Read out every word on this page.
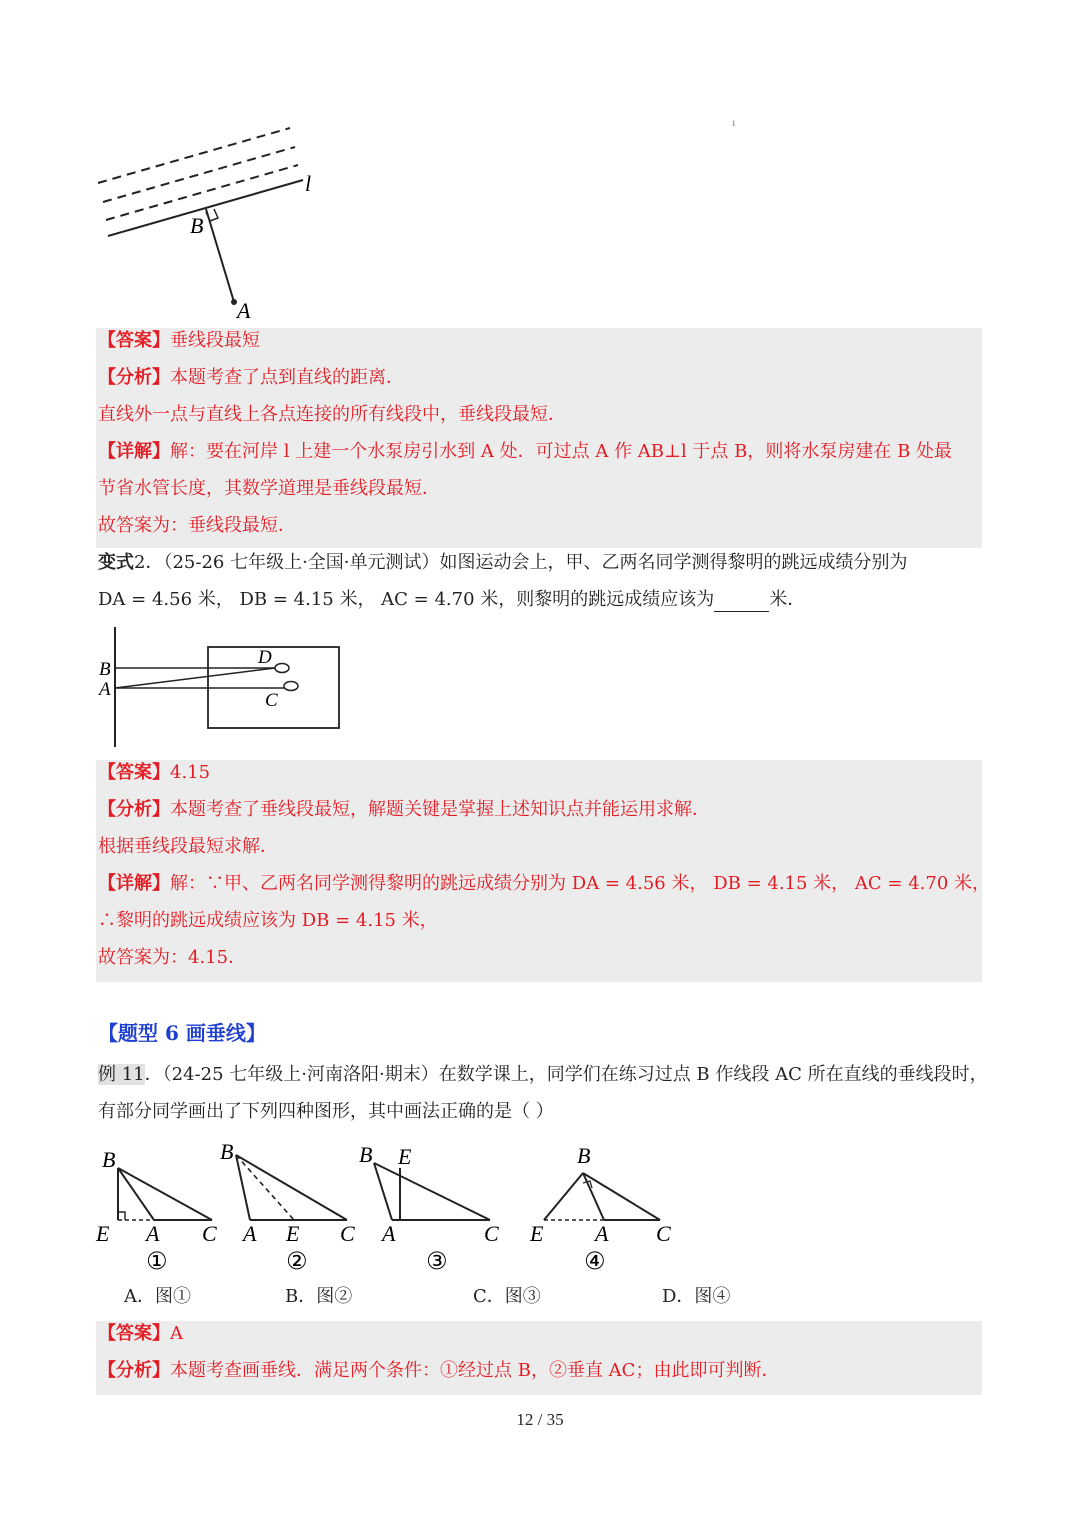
l
B
A
ı
【答案】垂线段最短
【分析】本题考查了点到直线的距离．
直线外一点与直线上各点连接的所有线段中，垂线段最短．
【详解】解：要在河岸 l 上建一个水泵房引水到 A 处．可过点 A 作 AB⊥l 于点 B，则将水泵房建在 B 处最
节省水管长度，其数学道理是垂线段最短．
故答案为：垂线段最短．
变式2．（25-26 七年级上·全国·单元测试）如图运动会上，甲、乙两名同学测得黎明的跳远成绩分别为
DA = 4.56 米， DB = 4.15 米， AC = 4.70 米，则黎明的跳远成绩应该为	米．
B
A
D
C
【答案】4.15
【分析】本题考查了垂线段最短，解题关键是掌握上述知识点并能运用求解．
根据垂线段最短求解．
【详解】解：∵甲、乙两名同学测得黎明的跳远成绩分别为 DA = 4.56 米， DB = 4.15 米， AC = 4.70 米，
∴黎明的跳远成绩应该为 DB = 4.15 米，
故答案为：4.15．
【题型 6 画垂线】
例 11．（24-25 七年级上·河南洛阳·期末）在数学课上，同学们在练习过点 B 作线段 AC 所在直线的垂线段时，
有部分同学画出了下列四种图形，其中画法正确的是（ ）
B
E A C
B
A E C
B E
A	C
B
E A C
①	②	③	④
A．图①	B．图②	C．图③	D．图④
【答案】A
【分析】本题考查画垂线．满足两个条件：①经过点 B，②垂直 AC；由此即可判断．
12 / 35
